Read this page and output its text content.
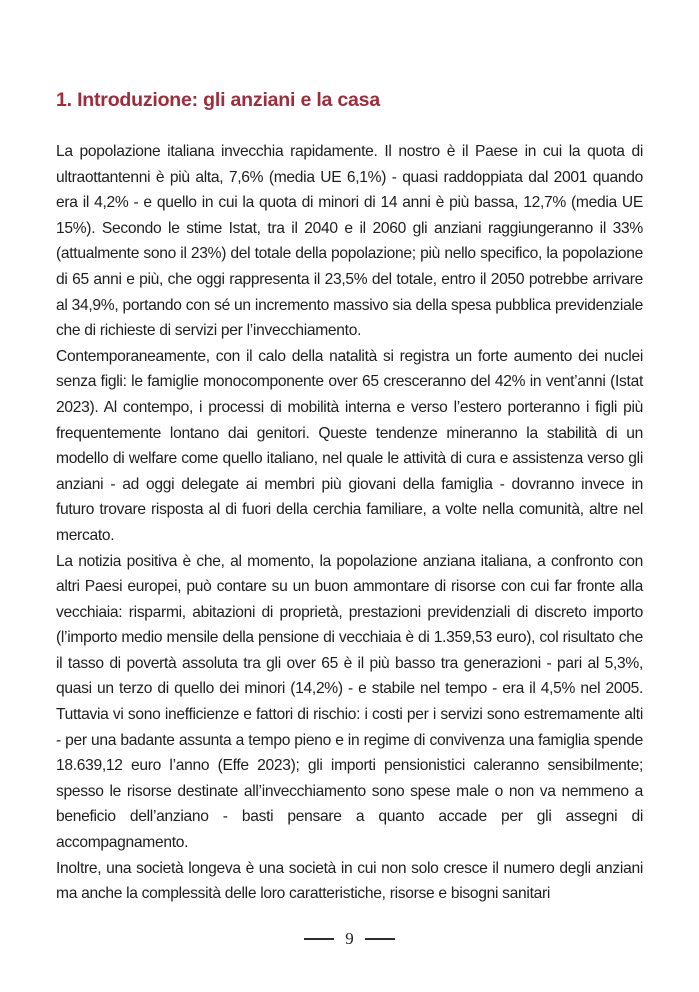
1. Introduzione: gli anziani e la casa

La popolazione italiana invecchia rapidamente. Il nostro è il Paese in cui la quota di ultraottantenni è più alta, 7,6% (media UE 6,1%) - quasi raddoppiata dal 2001 quando era il 4,2% - e quello in cui la quota di minori di 14 anni è più bassa, 12,7% (media UE 15%). Secondo le stime Istat, tra il 2040 e il 2060 gli anziani raggiungeranno il 33% (attualmente sono il 23%) del totale della popolazione; più nello specifico, la popolazione di 65 anni e più, che oggi rappresenta il 23,5% del totale, entro il 2050 potrebbe arrivare al 34,9%, portando con sé un incremento massivo sia della spesa pubblica previdenziale che di richieste di servizi per l’invecchiamento.

Contemporaneamente, con il calo della natalità si registra un forte aumento dei nuclei senza figli: le famiglie monocomponente over 65 cresceranno del 42% in vent’anni (Istat 2023). Al contempo, i processi di mobilità interna e verso l’estero porteranno i figli più frequentemente lontano dai genitori. Queste tendenze mineranno la stabilità di un modello di welfare come quello italiano, nel quale le attività di cura e assistenza verso gli anziani - ad oggi delegate ai membri più giovani della famiglia - dovranno invece in futuro trovare risposta al di fuori della cerchia familiare, a volte nella comunità, altre nel mercato.

La notizia positiva è che, al momento, la popolazione anziana italiana, a confronto con altri Paesi europei, può contare su un buon ammontare di risorse con cui far fronte alla vecchiaia: risparmi, abitazioni di proprietà, prestazioni previdenziali di discreto importo (l’importo medio mensile della pensione di vecchiaia è di 1.359,53 euro), col risultato che il tasso di povertà assoluta tra gli over 65 è il più basso tra generazioni - pari al 5,3%, quasi un terzo di quello dei minori (14,2%) - e stabile nel tempo - era il 4,5% nel 2005. Tuttavia vi sono inefficienze e fattori di rischio: i costi per i servizi sono estremamente alti - per una badante assunta a tempo pieno e in regime di convivenza una famiglia spende 18.639,12 euro l’anno (Effe 2023); gli importi pensionistici caleranno sensibilmente; spesso le risorse destinate all’invecchiamento sono spese male o non va nemmeno a beneficio dell’anziano - basti pensare a quanto accade per gli assegni di accompagnamento.

Inoltre, una società longeva è una società in cui non solo cresce il numero degli anziani ma anche la complessità delle loro caratteristiche, risorse e bisogni sanitari

9
